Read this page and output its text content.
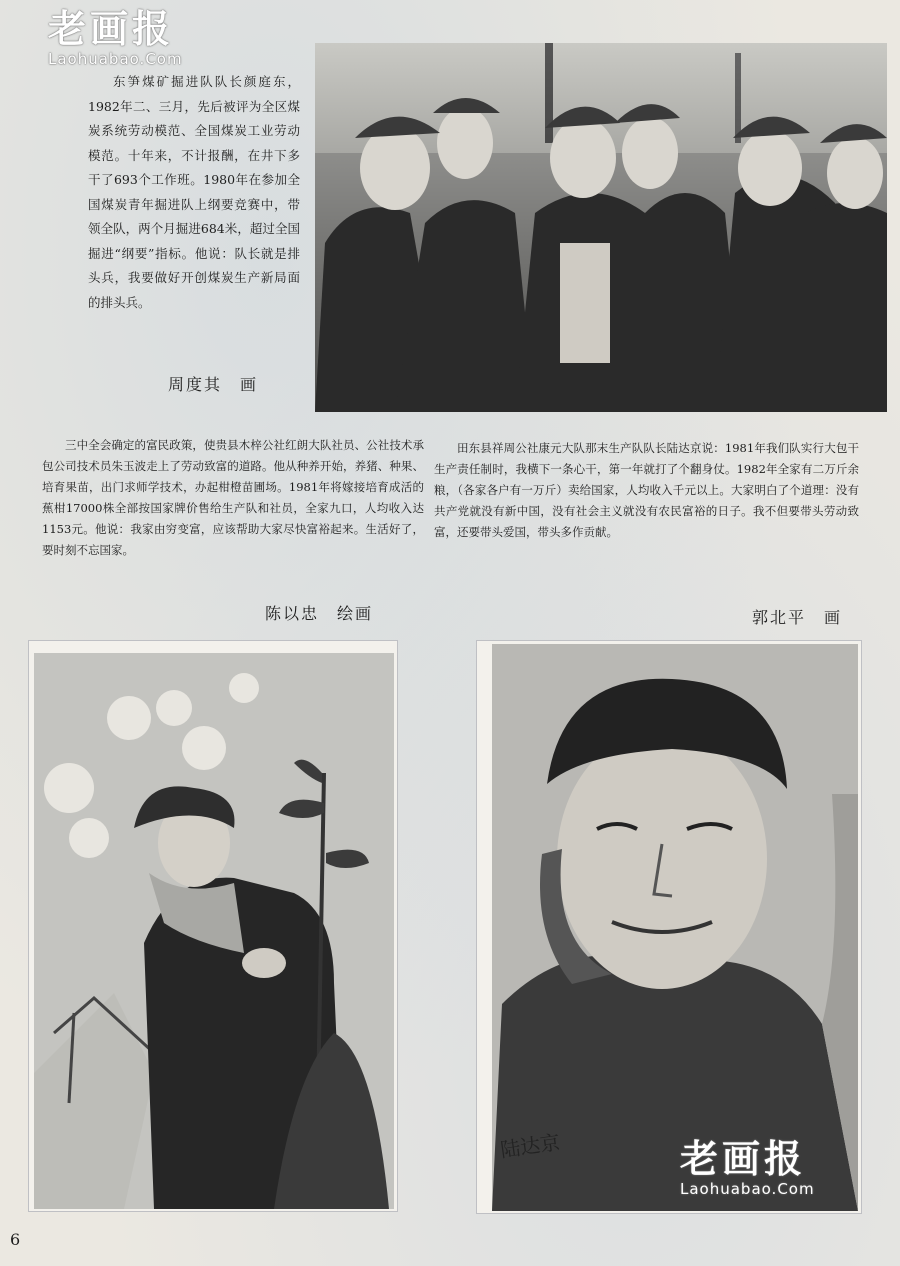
老画报
Laohuabao.Com
东笋煤矿掘进队队长颜庭东，1982年二、三月，先后被评为全区煤炭系统劳动模范、全国煤炭工业劳动模范。十年来，不计报酬，在井下多干了693个工作班。1980年在参加全国煤炭青年掘进队上纲要竞赛中，带领全队，两个月掘进684米，超过全国掘进“纲要”指标。他说：队长就是排头兵，我要做好开创煤炭生产新局面的排头兵。
周度其　画
三中全会确定的富民政策，使贵县木梓公社红朗大队社员、公社技术承包公司技术员朱玉波走上了劳动致富的道路。他从种养开始，养猪、种果、培育果苗，出门求师学技术，办起柑橙苗圃场。1981年将嫁接培育成活的蕉柑17000株全部按国家牌价售给生产队和社员，全家九口，人均收入达1153元。他说：我家由穷变富，应该帮助大家尽快富裕起来。生活好了，要时刻不忘国家。
田东县祥周公社康元大队那末生产队队长陆达京说：1981年我们队实行大包干生产责任制时，我横下一条心干，第一年就打了个翻身仗。1982年全家有二万斤余粮，（各家各户有一万斤）卖给国家，人均收入千元以上。大家明白了个道理：没有共产党就没有新中国，没有社会主义就没有农民富裕的日子。我不但要带头劳动致富，还要带头爱国，带头多作贡献。
陈以忠　绘画	郭北平　画
陆达京	老画报
Laohuabao.Com
6
